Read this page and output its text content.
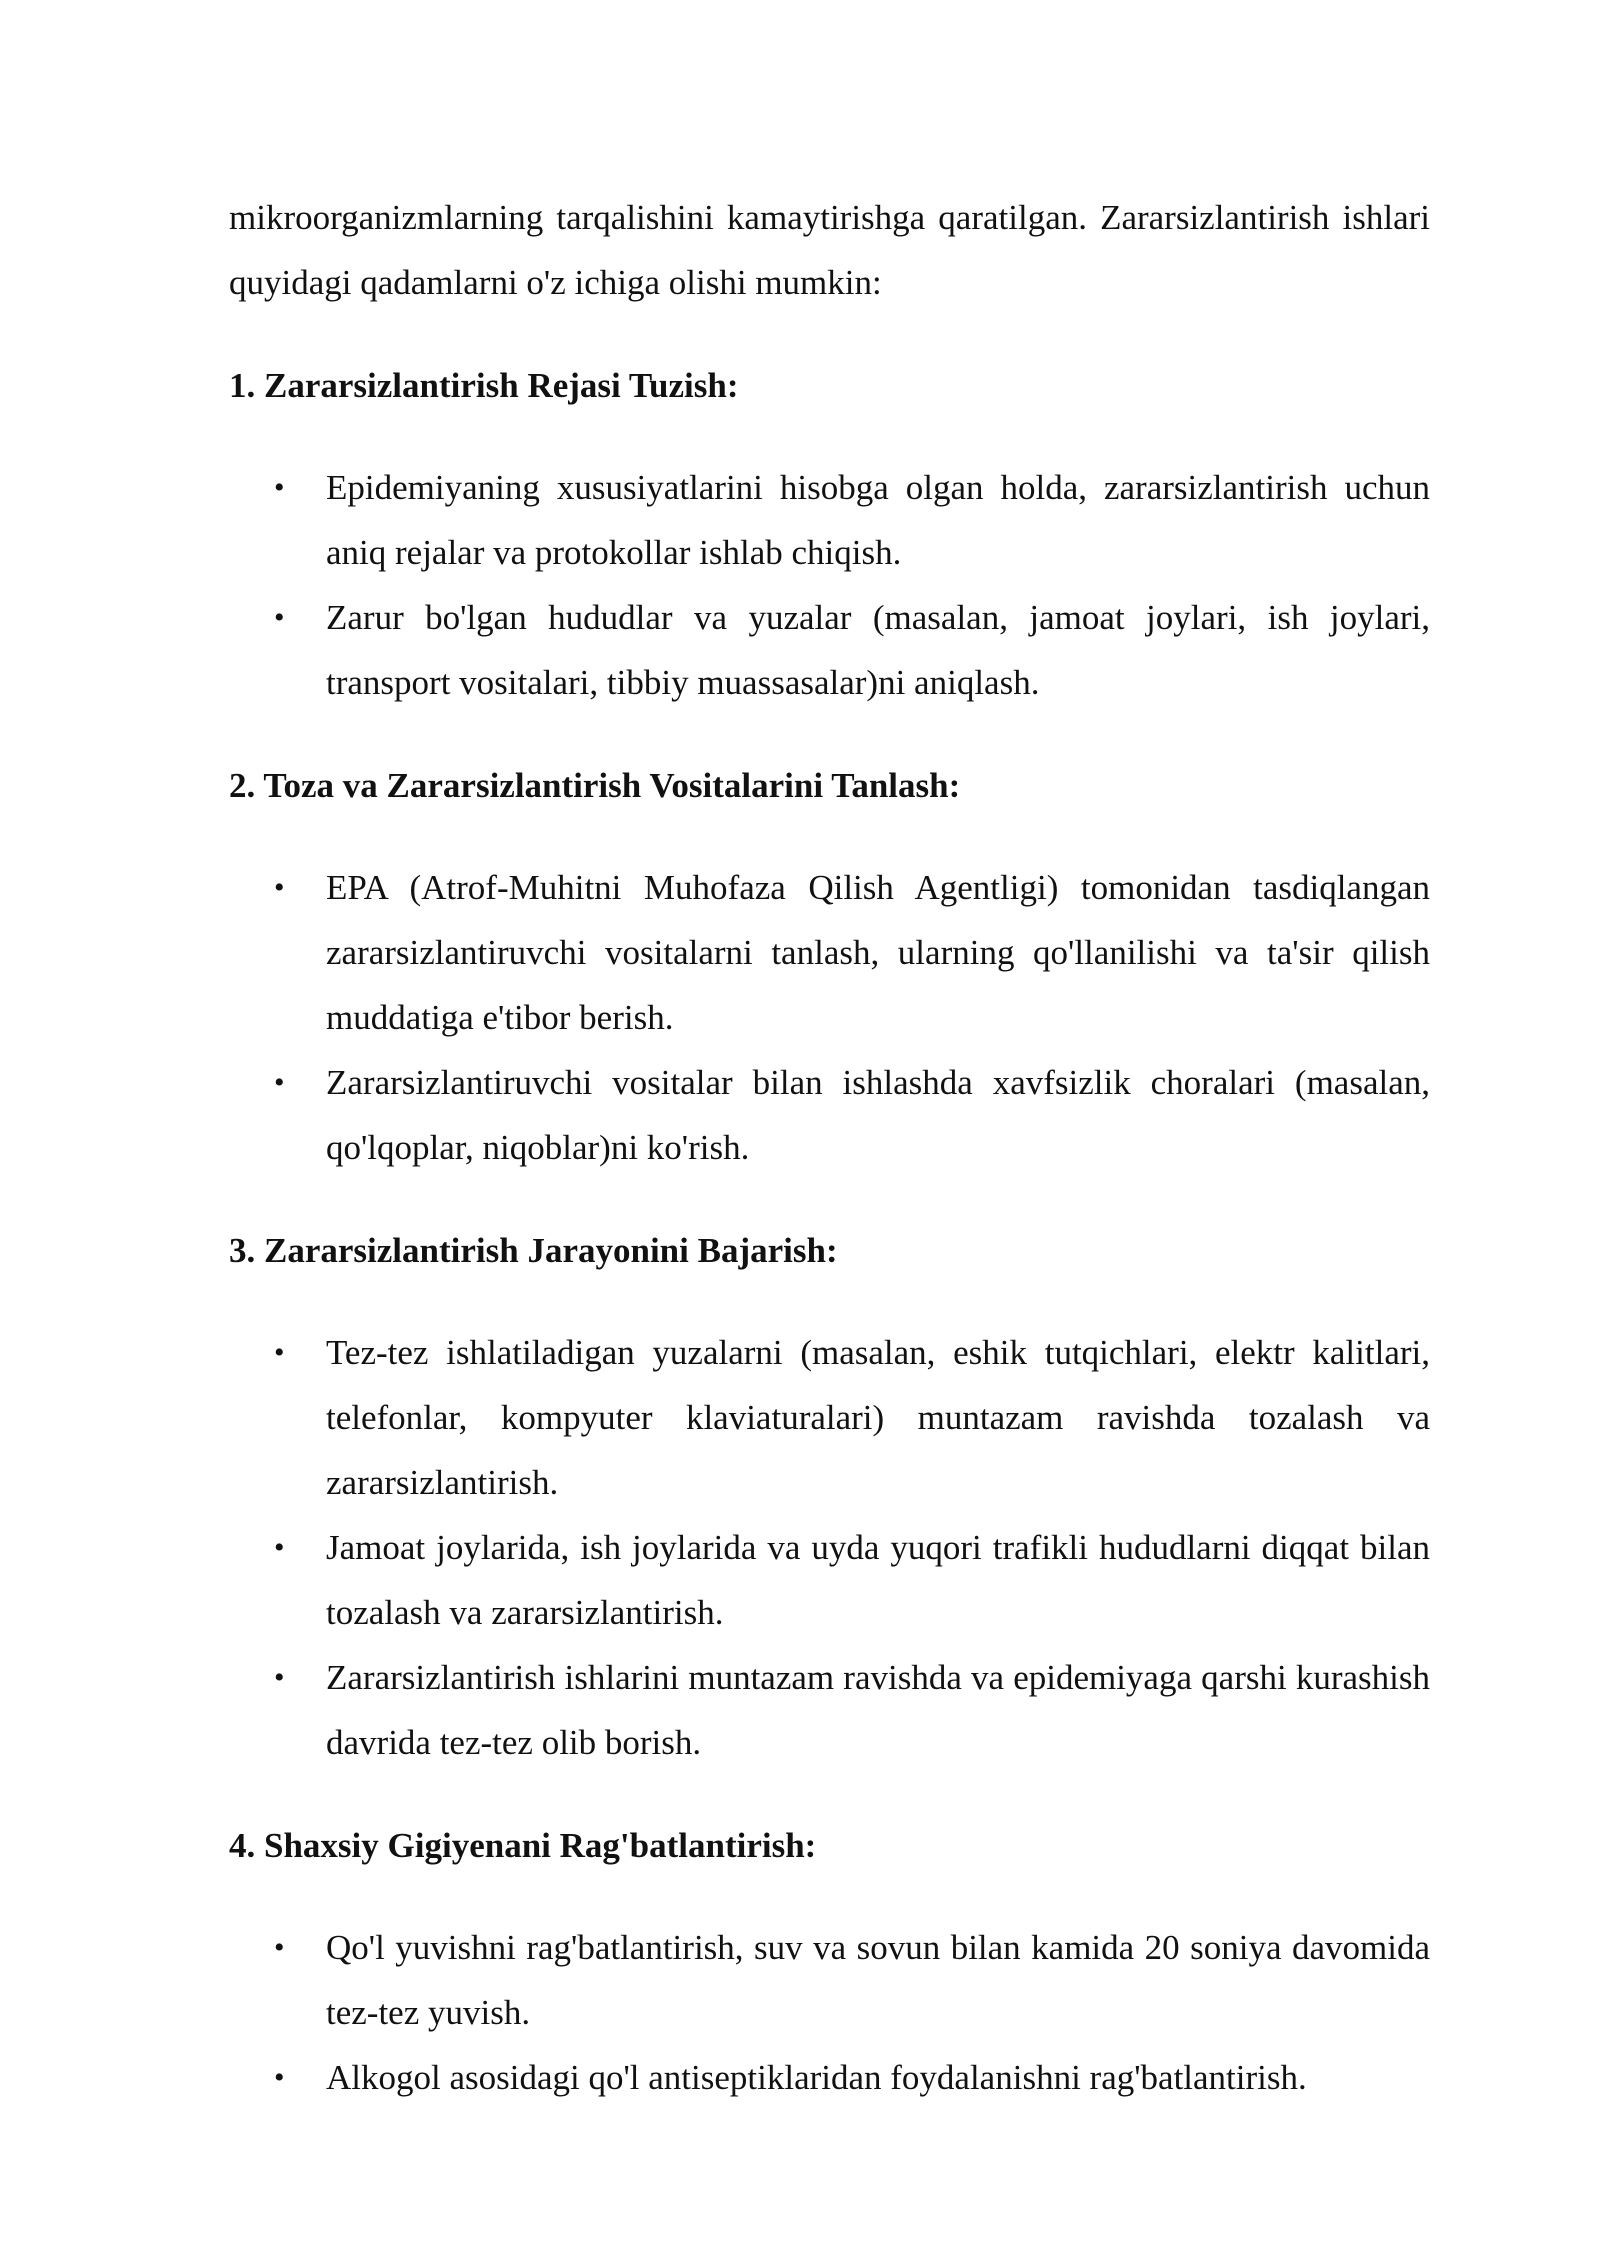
mikroorganizmlarning tarqalishini kamaytirishga qaratilgan. Zararsizlantirish ishlari quyidagi qadamlarni o'z ichiga olishi mumkin:

1. Zararsizlantirish Rejasi Tuzish:
• Epidemiyaning xususiyatlarini hisobga olgan holda, zararsizlantirish uchun aniq rejalar va protokollar ishlab chiqish.
• Zarur bo'lgan hududlar va yuzalar (masalan, jamoat joylari, ish joylari, transport vositalari, tibbiy muassasalar)ni aniqlash.
2. Toza va Zararsizlantirish Vositalarini Tanlash:
• EPA (Atrof-Muhitni Muhofaza Qilish Agentligi) tomonidan tasdiqlangan zararsizlantiruvchi vositalarni tanlash, ularning qo'llanilishi va ta'sir qilish muddatiga e'tibor berish.
• Zararsizlantiruvchi vositalar bilan ishlashda xavfsizlik choralari (masalan, qo'lqoplar, niqoblar)ni ko'rish.
3. Zararsizlantirish Jarayonini Bajarish:
• Tez-tez ishlatiladigan yuzalarni (masalan, eshik tutqichlari, elektr kalitlari, telefonlar, kompyuter klaviaturalari) muntazam ravishda tozalash va zararsizlantirish.
• Jamoat joylarida, ish joylarida va uyda yuqori trafikli hududlarni diqqat bilan tozalash va zararsizlantirish.
• Zararsizlantirish ishlarini muntazam ravishda va epidemiyaga qarshi kurashish davrida tez-tez olib borish.
4. Shaxsiy Gigiyenani Rag'batlantirish:
• Qo'l yuvishni rag'batlantirish, suv va sovun bilan kamida 20 soniya davomida tez-tez yuvish.
• Alkogol asosidagi qo'l antiseptiklaridan foydalanishni rag'batlantirish.
